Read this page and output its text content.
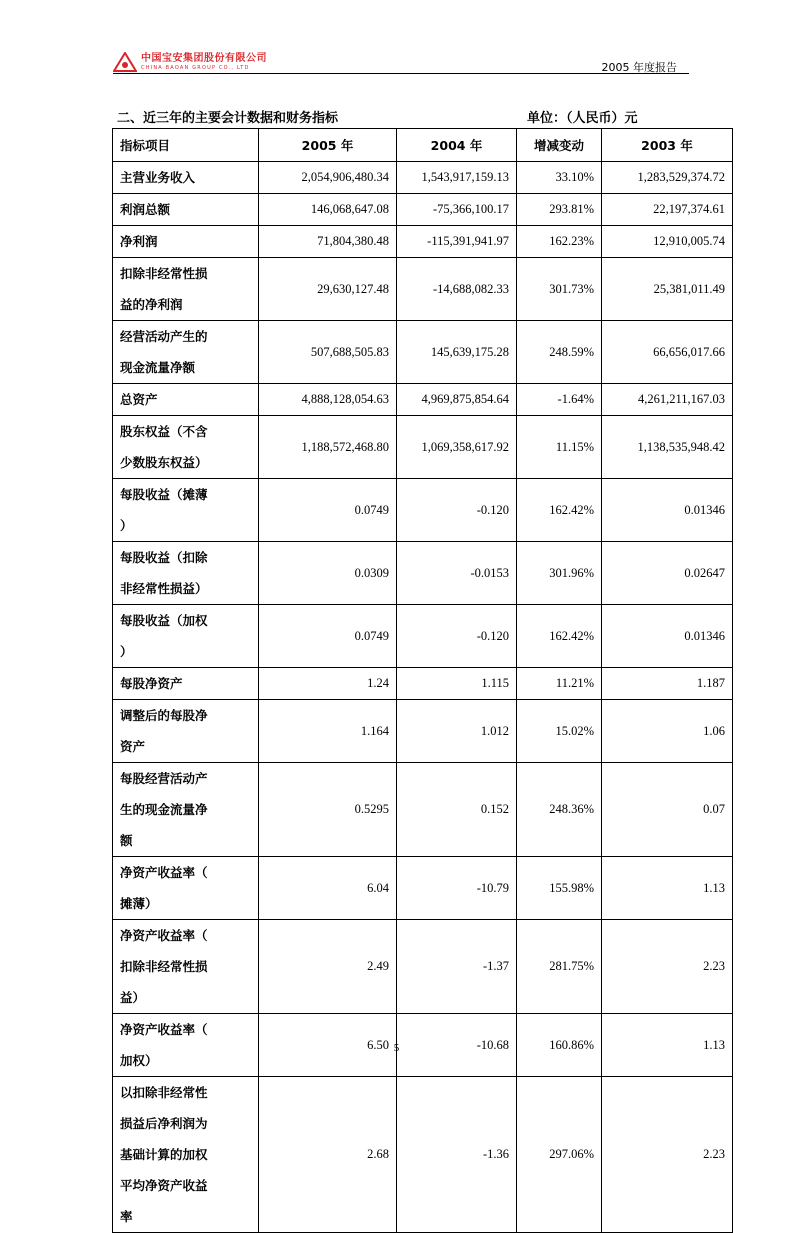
中国宝安集团股份有限公司
CHINA BAOAN GROUP CO., LTD	2005 年度报告
二、近三年的主要会计数据和财务指标	单位：（人民币）元
指标项目	2005 年	2004 年	增减变动	2003 年
主营业务收入	2,054,906,480.34	1,543,917,159.13	33.10%	1,283,529,374.72
利润总额	146,068,647.08	-75,366,100.17	293.81%	22,197,374.61
净利润	71,804,380.48	-115,391,941.97	162.23%	12,910,005.74
扣除非经常性损
益的净利润	29,630,127.48	-14,688,082.33	301.73%	25,381,011.49
经营活动产生的
现金流量净额	507,688,505.83	145,639,175.28	248.59%	66,656,017.66
总资产	4,888,128,054.63	4,969,875,854.64	-1.64%	4,261,211,167.03
股东权益（不含
少数股东权益）	1,188,572,468.80	1,069,358,617.92	11.15%	1,138,535,948.42
每股收益（摊薄
）	0.0749	-0.120	162.42%	0.01346
每股收益（扣除
非经常性损益）	0.0309	-0.0153	301.96%	0.02647
每股收益（加权
）	0.0749	-0.120	162.42%	0.01346
每股净资产	1.24	1.115	11.21%	1.187
调整后的每股净
资产	1.164	1.012	15.02%	1.06
每股经营活动产
生的现金流量净
额	0.5295	0.152	248.36%	0.07
净资产收益率（
摊薄）	6.04	-10.79	155.98%	1.13
净资产收益率（
扣除非经常性损
益）	2.49	-1.37	281.75%	2.23
净资产收益率（
加权）	6.50	-10.68	160.86%	1.13
以扣除非经常性
损益后净利润为
基础计算的加权
平均净资产收益
率	2.68	-1.36	297.06%	2.23
5
